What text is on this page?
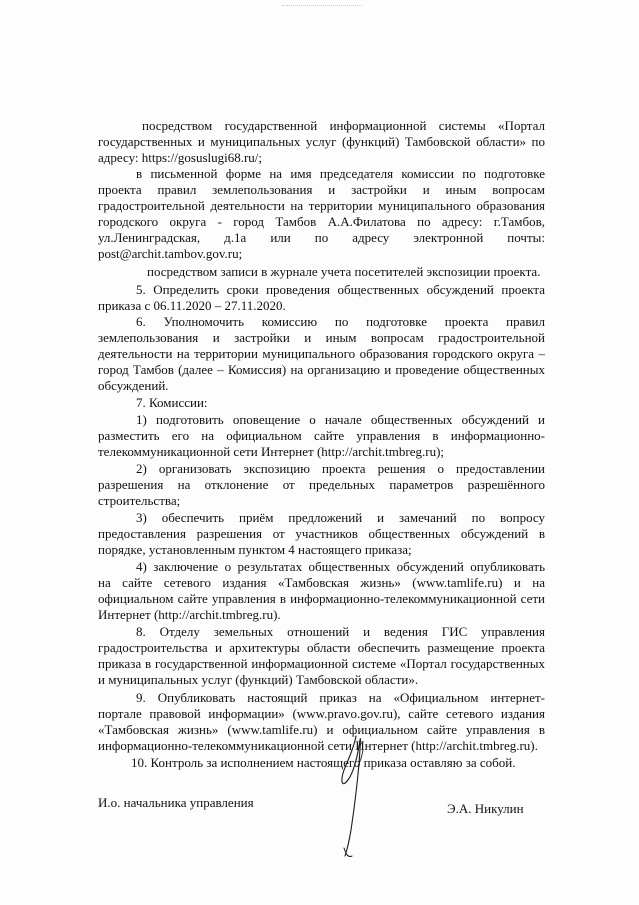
посредством государственной информационной системы «Портал

государственных и муниципальных услуг (функций) Тамбовской области» по

адресу: https://gosuslugi68.ru/;

в письменной форме на имя председателя комиссии по подготовке

проекта правил землепользования и застройки и иным вопросам

градостроительной деятельности на территории муниципального образования

городского округа - город Тамбов А.А.Филатова по адресу: г.Тамбов,

ул.Ленинградская, д.1а или по адресу электронной почты:

post@archit.tambov.gov.ru;

посредством записи в журнале учета посетителей экспозиции проекта.

5. Определить сроки проведения общественных обсуждений проекта

приказа с 06.11.2020 – 27.11.2020.

6. Уполномочить комиссию по подготовке проекта правил

землепользования и застройки и иным вопросам градостроительной

деятельности на территории муниципального образования городского округа –

город Тамбов (далее – Комиссия) на организацию и проведение общественных

обсуждений.

7. Комиссии:

1) подготовить оповещение о начале общественных обсуждений и

разместить его на официальном сайте управления в информационно-

телекоммуникационной сети Интернет (http://archit.tmbreg.ru);

2) организовать экспозицию проекта решения о предоставлении

разрешения на отклонение от предельных параметров разрешённого

строительства;

3) обеспечить приём предложений и замечаний по вопросу

предоставления разрешения от участников общественных обсуждений в

порядке, установленным пунктом 4 настоящего приказа;

4) заключение о результатах общественных обсуждений опубликовать

на сайте сетевого издания «Тамбовская жизнь» (www.tamlife.ru) и на

официальном сайте управления в информационно-телекоммуникационной сети

Интернет (http://archit.tmbreg.ru).

8. Отделу земельных отношений и ведения ГИС управления

градостроительства и архитектуры области обеспечить размещение проекта

приказа в государственной информационной системе «Портал государственных

и муниципальных услуг (функций) Тамбовской области».

9. Опубликовать настоящий приказ на «Официальном интернет-

портале правовой информации» (www.pravo.gov.ru), сайте сетевого издания

«Тамбовская жизнь» (www.tamlife.ru) и официальном сайте управления в

информационно-телекоммуникационной сети Интернет (http://archit.tmbreg.ru).

10. Контроль за исполнением настоящего приказа оставляю за собой.

И.о. начальника управления	Э.А. Никулин
